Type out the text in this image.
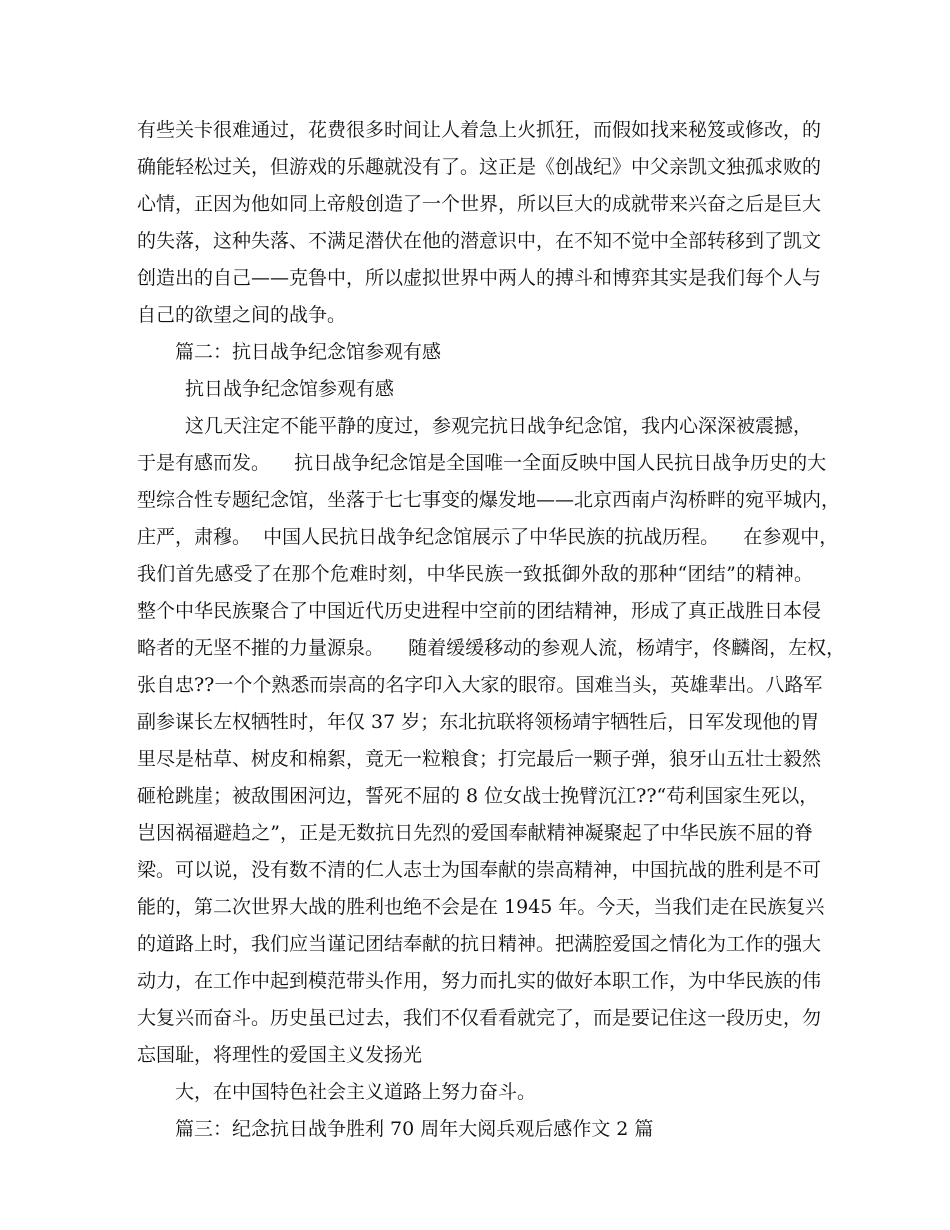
有些关卡很难通过，花费很多时间让人着急上火抓狂，而假如找来秘笈或修改，的
确能轻松过关，但游戏的乐趣就没有了。这正是《创战纪》中父亲凯文独孤求败的
心情，正因为他如同上帝般创造了一个世界，所以巨大的成就带来兴奋之后是巨大
的失落，这种失落、不满足潜伏在他的潜意识中，在不知不觉中全部转移到了凯文
创造出的自己——克鲁中，所以虚拟世界中两人的搏斗和博弈其实是我们每个人与
自己的欲望之间的战争。
篇二：抗日战争纪念馆参观有感
抗日战争纪念馆参观有感
这几天注定不能平静的度过，参观完抗日战争纪念馆，我内心深深被震撼，
于是有感而发。    抗日战争纪念馆是全国唯一全面反映中国人民抗日战争历史的大
型综合性专题纪念馆，坐落于七七事变的爆发地——北京西南卢沟桥畔的宛平城内，
庄严，肃穆。  中国人民抗日战争纪念馆展示了中华民族的抗战历程。    在参观中，
我们首先感受了在那个危难时刻，中华民族一致抵御外敌的那种“团结”的精神。
整个中华民族聚合了中国近代历史进程中空前的团结精神，形成了真正战胜日本侵
略者的无坚不摧的力量源泉。    随着缓缓移动的参观人流，杨靖宇，佟麟阁，左权，
张自忠??一个个熟悉而崇高的名字印入大家的眼帘。国难当头，英雄辈出。八路军
副参谋长左权牺牲时，年仅 37 岁；东北抗联将领杨靖宇牺牲后，日军发现他的胃
里尽是枯草、树皮和棉絮，竟无一粒粮食；打完最后一颗子弹，狼牙山五壮士毅然
砸枪跳崖；被敌围困河边，誓死不屈的 8 位女战士挽臂沉江??“苟利国家生死以，
岂因祸福避趋之”，正是无数抗日先烈的爱国奉献精神凝聚起了中华民族不屈的脊
梁。可以说，没有数不清的仁人志士为国奉献的崇高精神，中国抗战的胜利是不可
能的，第二次世界大战的胜利也绝不会是在 1945 年。今天，当我们走在民族复兴
的道路上时，我们应当谨记团结奉献的抗日精神。把满腔爱国之情化为工作的强大
动力，在工作中起到模范带头作用，努力而扎实的做好本职工作，为中华民族的伟
大复兴而奋斗。历史虽已过去，我们不仅看看就完了，而是要记住这一段历史，勿
忘国耻，将理性的爱国主义发扬光
大，在中国特色社会主义道路上努力奋斗。
篇三：纪念抗日战争胜利 70 周年大阅兵观后感作文 2 篇
